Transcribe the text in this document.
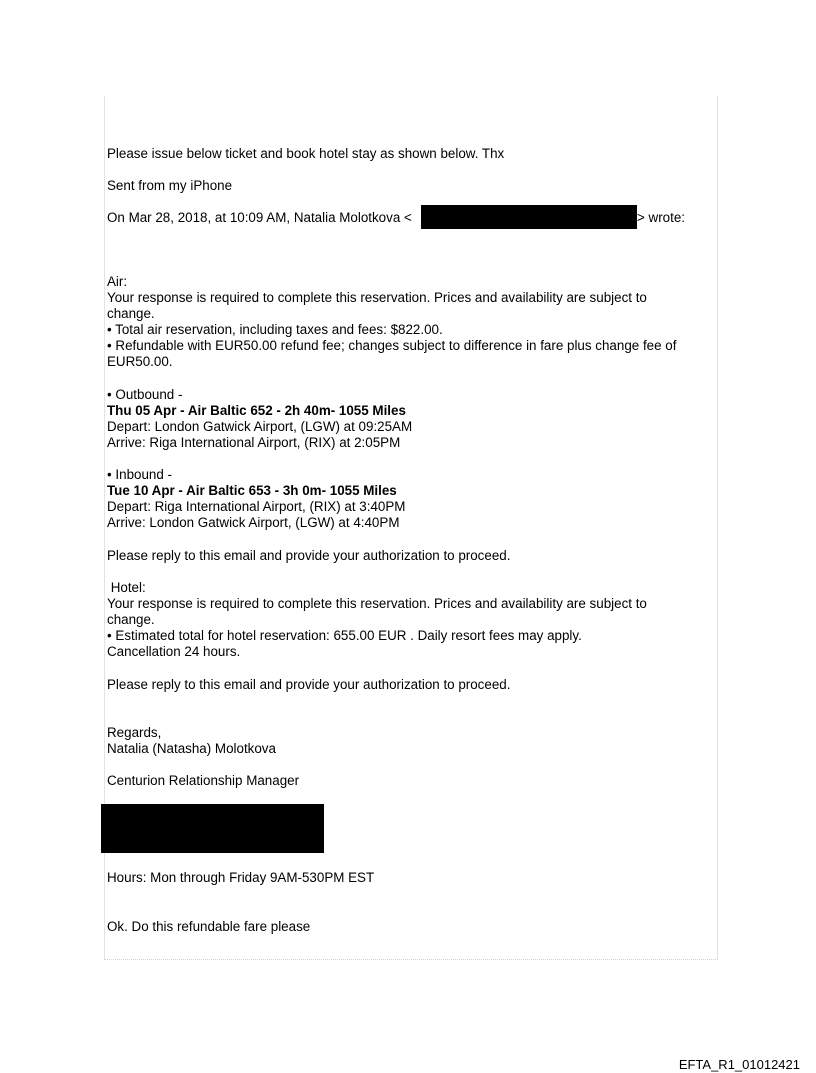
Please issue below ticket and book hotel stay as shown below. Thx
Sent from my iPhone
On Mar 28, 2018, at 10:09 AM, Natalia Molotkova <	> wrote:
Air:
Your response is required to complete this reservation. Prices and availability are subject to
change.
• Total air reservation, including taxes and fees: $822.00.
• Refundable with EUR50.00 refund fee; changes subject to difference in fare plus change fee of
EUR50.00.
• Outbound -
Thu 05 Apr - Air Baltic 652 - 2h 40m- 1055 Miles
Depart: London Gatwick Airport, (LGW) at 09:25AM
Arrive: Riga International Airport, (RIX) at 2:05PM
• Inbound -
Tue 10 Apr - Air Baltic 653 - 3h 0m- 1055 Miles
Depart: Riga International Airport, (RIX) at 3:40PM
Arrive: London Gatwick Airport, (LGW) at 4:40PM
Please reply to this email and provide your authorization to proceed.
Hotel:
Your response is required to complete this reservation. Prices and availability are subject to
change.
• Estimated total for hotel reservation: 655.00 EUR . Daily resort fees may apply.
Cancellation 24 hours.
Please reply to this email and provide your authorization to proceed.
Regards,
Natalia (Natasha) Molotkova
Centurion Relationship Manager
Hours: Mon through Friday 9AM-530PM EST
Ok. Do this refundable fare please
EFTA_R1_01012421
